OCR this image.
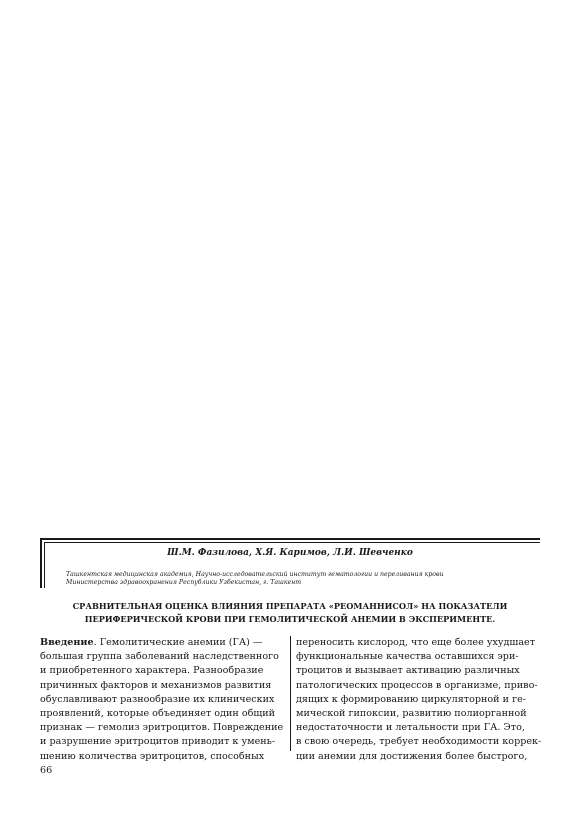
Ш.М. Фазилова, Х.Я. Каримов, Л.И. Шевченко
Ташкентская медицинская академия, Научно-исследовательский институт гематологии и переливания крови
Министерства здравоохранения Республики Узбекистан, г. Ташкент
СРАВНИТЕЛЬНАЯ ОЦЕНКА ВЛИЯНИЯ ПРЕПАРАТА «РЕОМАННИСОЛ» НА ПОКАЗАТЕЛИ
ПЕРИФЕРИЧЕСКОЙ КРОВИ ПРИ ГЕМОЛИТИЧЕСКОЙ АНЕМИИ В ЭКСПЕРИМЕНТЕ.
Введение. Гемолитические анемии (ГА) —
большая группа заболеваний наследственного
и приобретенного характера. Разнообразие
причинных факторов и механизмов развития
обуславливают разнообразие их клинических
проявлений, которые объединяет один общий
признак — гемолиз эритроцитов. Повреждение
и разрушение эритроцитов приводит к умень-
шению количества эритроцитов, способных
переносить кислород, что еще более ухудшает
функциональные качества оставшихся эри-
троцитов и вызывает активацию различных
патологических процессов в организме, приво-
дящих к формированию циркуляторной и ге-
мической гипоксии, развитию полиорганной
недостаточности и летальности при ГА. Это,
в свою очередь, требует необходимости коррек-
ции анемии для достижения более быстрого,
66
